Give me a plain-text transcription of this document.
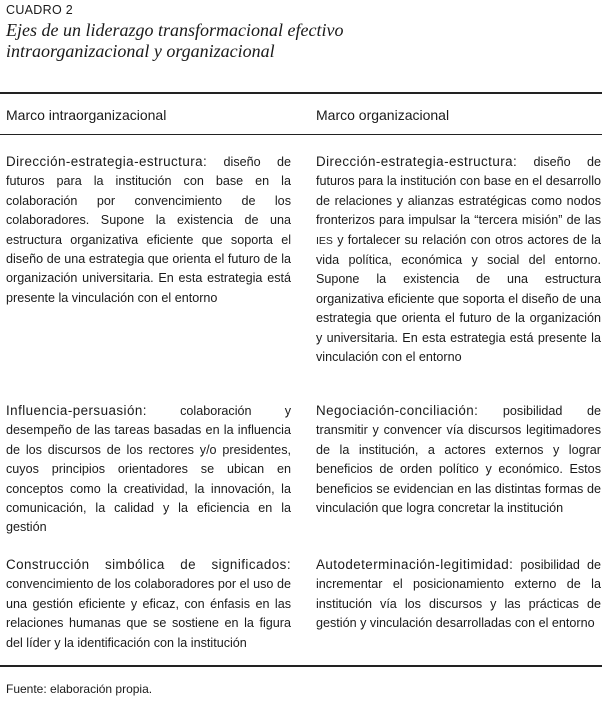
CUADRO 2
Ejes de un liderazgo transformacional efectivo
intraorganizacional y organizacional
Marco intraorganizacional	Marco organizacional
Dirección-estrategia-estructura: diseño de futuros para la institución con base en la colaboración por convencimiento de los colaboradores. Supone la existencia de una estructura organizativa eficiente que soporta el diseño de una estrategia que orienta el futuro de la organización universitaria. En esta estrategia está presente la vinculación con el entorno
Dirección-estrategia-estructura: diseño de futuros para la institución con base en el desarrollo de relaciones y alianzas estratégicas como nodos fronterizos para impulsar la “tercera misión” de las IES y fortalecer su relación con otros actores de la vida política, económica y social del entorno. Supone la existencia de una estructura organizativa eficiente que soporta el diseño de una estrategia que orienta el futuro de la organización y universitaria. En esta estrategia está presente la vinculación con el entorno
Influencia-persuasión: colaboración y desempeño de las tareas basadas en la influencia de los discursos de los rectores y/o presidentes, cuyos principios orientadores se ubican en conceptos como la creatividad, la innovación, la comunicación, la calidad y la eficiencia en la gestión
Negociación-conciliación: posibilidad de transmitir y convencer vía discursos legitimadores de la institución, a actores externos y lograr beneficios de orden político y económico. Estos beneficios se evidencian en las distintas formas de vinculación que logra concretar la institución
Construcción simbólica de significados: convencimiento de los colaboradores por el uso de una gestión eficiente y eficaz, con énfasis en las relaciones humanas que se sostiene en la figura del líder y la identificación con la institución
Autodeterminación-legitimidad: posibilidad de incrementar el posicionamiento externo de la institución vía los discursos y las prácticas de gestión y vinculación desarrolladas con el entorno
Fuente: elaboración propia.
